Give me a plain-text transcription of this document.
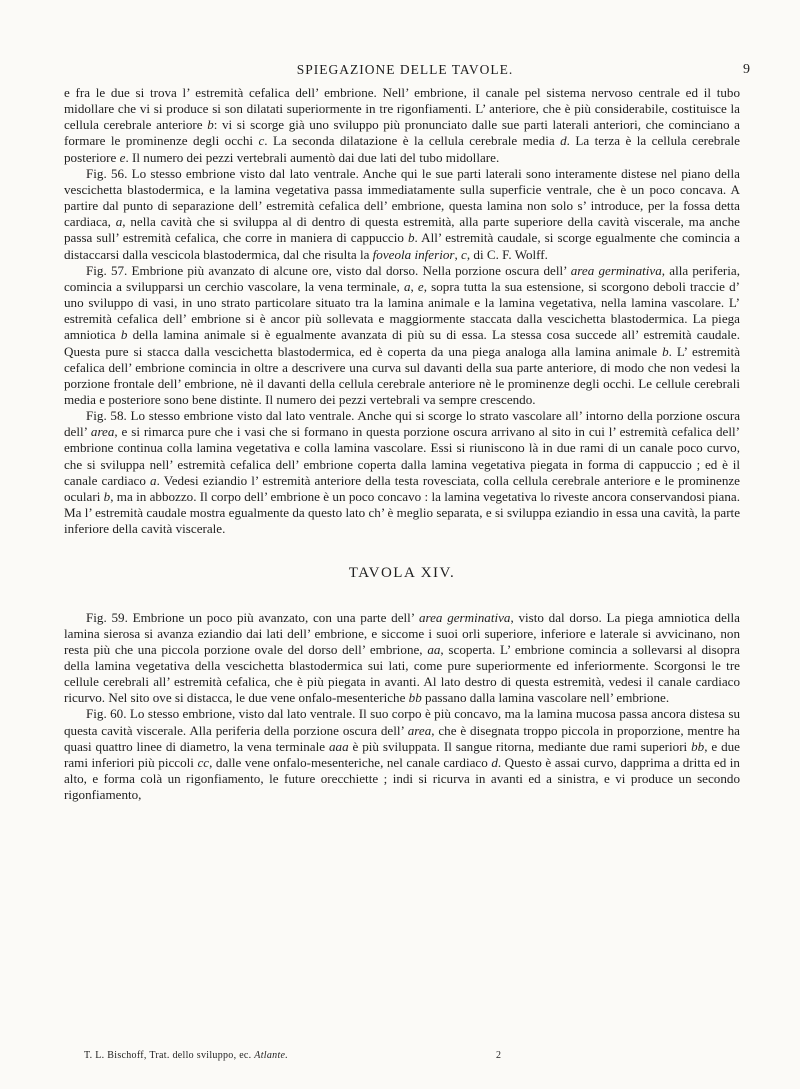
SPIEGAZIONE DELLE TAVOLE.	9

e fra le due si trova l’ estremità cefalica dell’ embrione. Nell’ embrione, il canale pel sistema nervoso centrale ed il tubo midollare che vi si produce si son dilatati superiormente in tre rigonfiamenti. L’ anteriore, che è più considerabile, costituisce la cellula cerebrale anteriore b: vi si scorge già uno sviluppo più pronunciato dalle sue parti laterali anteriori, che cominciano a formare le prominenze degli occhi c. La seconda dilatazione è la cellula cerebrale media d. La terza è la cellula cerebrale posteriore e. Il numero dei pezzi vertebrali aumentò dai due lati del tubo midollare.

Fig. 56. Lo stesso embrione visto dal lato ventrale. Anche qui le sue parti laterali sono interamente distese nel piano della vescichetta blastodermica, e la lamina vegetativa passa immediatamente sulla superficie ventrale, che è un poco concava. A partire dal punto di separazione dell’ estremità cefalica dell’ embrione, questa lamina non solo s’ introduce, per la fossa detta cardiaca, a, nella cavità che si sviluppa al di dentro di questa estremità, alla parte superiore della cavità viscerale, ma anche passa sull’ estremità cefalica, che corre in maniera di cappuccio b. All’ estremità caudale, si scorge egualmente che comincia a distaccarsi dalla vescicola blastodermica, dal che risulta la foveola inferior, c, di C. F. Wolff.

Fig. 57. Embrione più avanzato di alcune ore, visto dal dorso. Nella porzione oscura dell’ area germinativa, alla periferia, comincia a svilupparsi un cerchio vascolare, la vena terminale, a, e, sopra tutta la sua estensione, si scorgono deboli traccie d’ uno sviluppo di vasi, in uno strato particolare situato tra la lamina animale e la lamina vegetativa, nella lamina vascolare. L’ estremità cefalica dell’ embrione si è ancor più sollevata e maggiormente staccata dalla vescichetta blastodermica. La piega amniotica b della lamina animale si è egualmente avanzata di più su di essa. La stessa cosa succede all’ estremità caudale. Questa pure si stacca dalla vescichetta blastodermica, ed è coperta da una piega analoga alla lamina animale b. L’ estremità cefalica dell’ embrione comincia in oltre a descrivere una curva sul davanti della sua parte anteriore, di modo che non vedesi la porzione frontale dell’ embrione, nè il davanti della cellula cerebrale anteriore nè le prominenze degli occhi. Le cellule cerebrali media e posteriore sono bene distinte. Il numero dei pezzi vertebrali va sempre crescendo.

Fig. 58. Lo stesso embrione visto dal lato ventrale. Anche qui si scorge lo strato vascolare all’ intorno della porzione oscura dell’ area, e si rimarca pure che i vasi che si formano in questa porzione oscura arrivano al sito in cui l’ estremità cefalica dell’ embrione continua colla lamina vegetativa e colla lamina vascolare. Essi si riuniscono là in due rami di un canale poco curvo, che si sviluppa nell’ estremità cefalica dell’ embrione coperta dalla lamina vegetativa piegata in forma di cappuccio ; ed è il canale cardiaco a. Vedesi eziandio l’ estremità anteriore della testa rovesciata, colla cellula cerebrale anteriore e le prominenze oculari b, ma in abbozzo. Il corpo dell’ embrione è un poco concavo : la lamina vegetativa lo riveste ancora conservandosi piana. Ma l’ estremità caudale mostra egualmente da questo lato ch’ è meglio separata, e si sviluppa eziandio in essa una cavità, la parte inferiore della cavità viscerale.

TAVOLA XIV.

Fig. 59. Embrione un poco più avanzato, con una parte dell’ area germinativa, visto dal dorso. La piega amniotica della lamina sierosa si avanza eziandio dai lati dell’ embrione, e siccome i suoi orli superiore, inferiore e laterale si avvicinano, non resta più che una piccola porzione ovale del dorso dell’ embrione, aa, scoperta. L’ embrione comincia a sollevarsi al disopra della lamina vegetativa della vescichetta blastodermica sui lati, come pure superiormente ed inferiormente. Scorgonsi le tre cellule cerebrali all’ estremità cefalica, che è più piegata in avanti. Al lato destro di questa estremità, vedesi il canale cardiaco ricurvo. Nel sito ove si distacca, le due vene onfalo-mesenteriche bb passano dalla lamina vascolare nell’ embrione.

Fig. 60. Lo stesso embrione, visto dal lato ventrale. Il suo corpo è più concavo, ma la lamina mucosa passa ancora distesa su questa cavità viscerale. Alla periferia della porzione oscura dell’ area, che è disegnata troppo piccola in proporzione, mentre ha quasi quattro linee di diametro, la vena terminale aaa è più sviluppata. Il sangue ritorna, mediante due rami superiori bb, e due rami inferiori più piccoli cc, dalle vene onfalo-mesenteriche, nel canale cardiaco d. Questo è assai curvo, dapprima a dritta ed in alto, e forma colà un rigonfiamento, le future orecchiette ; indi si ricurva in avanti ed a sinistra, e vi produce un secondo rigonfiamento,

T. L. Bischoff, Trat. dello sviluppo, ec. Atlante.	2
